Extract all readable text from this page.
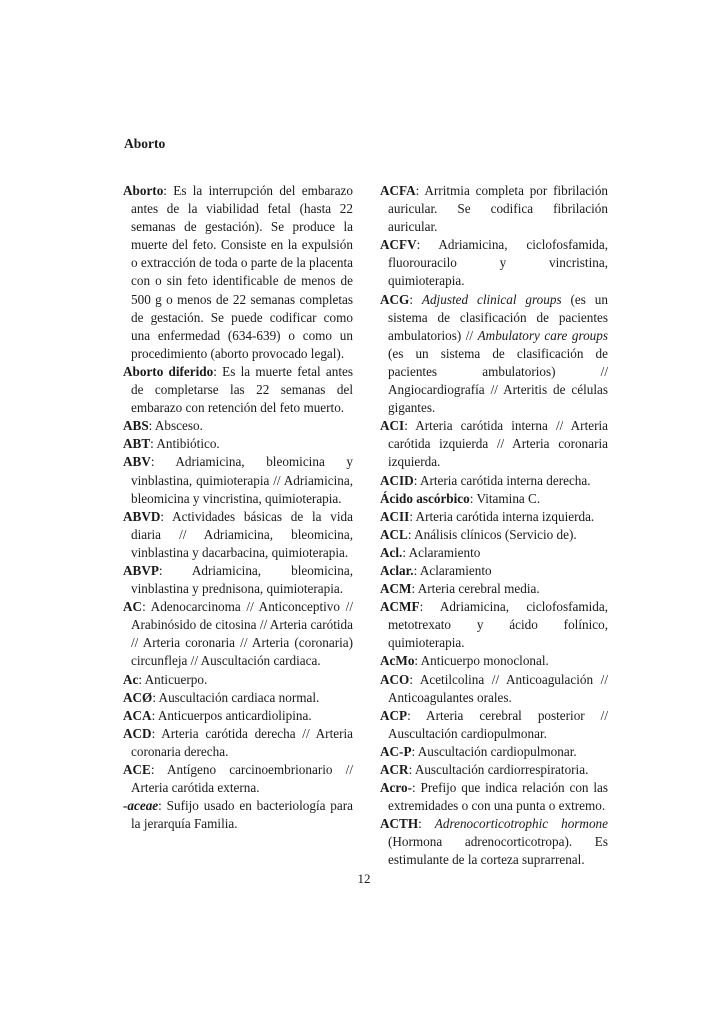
Aborto

Aborto: Es la interrupción del embarazo antes de la viabilidad fetal (hasta 22 semanas de gestación). Se produce la muerte del feto. Consiste en la expulsión o extracción de toda o parte de la placenta con o sin feto identificable de menos de 500 g o menos de 22 semanas completas de gestación. Se puede codificar como una enfermedad (634-639) o como un procedimiento (aborto provocado legal).

Aborto diferido: Es la muerte fetal antes de completarse las 22 semanas del embarazo con retención del feto muerto.

ABS: Absceso.

ABT: Antibiótico.

ABV: Adriamicina, bleomicina y vinblastina, quimioterapia // Adriamicina, bleomicina y vincristina, quimioterapia.

ABVD: Actividades básicas de la vida diaria // Adriamicina, bleomicina, vinblastina y dacarbacina, quimioterapia.

ABVP: Adriamicina, bleomicina, vinblastina y prednisona, quimioterapia.

AC: Adenocarcinoma // Anticonceptivo // Arabinósido de citosina // Arteria carótida // Arteria coronaria // Arteria (coronaria) circunfleja // Auscultación cardiaca.

Ac: Anticuerpo.

ACØ: Auscultación cardiaca normal.

ACA: Anticuerpos anticardiolipina.

ACD: Arteria carótida derecha // Arteria coronaria derecha.

ACE: Antígeno carcinoembrionario // Arteria carótida externa.

-aceae: Sufijo usado en bacteriología para la jerarquía Familia.

ACFA: Arritmia completa por fibrilación auricular. Se codifica fibrilación auricular.

ACFV: Adriamicina, ciclofosfamida, fluorouracilo y vincristina, quimioterapia.

ACG: Adjusted clinical groups (es un sistema de clasificación de pacientes ambulatorios) // Ambulatory care groups (es un sistema de clasificación de pacientes ambulatorios) // Angiocardiografía // Arteritis de células gigantes.

ACI: Arteria carótida interna // Arteria carótida izquierda // Arteria coronaria izquierda.

ACID: Arteria carótida interna derecha.

Ácido ascórbico: Vitamina C.

ACII: Arteria carótida interna izquierda.

ACL: Análisis clínicos (Servicio de).

Acl.: Aclaramiento

Aclar.: Aclaramiento

ACM: Arteria cerebral media.

ACMF: Adriamicina, ciclofosfamida, metotrexato y ácido folínico, quimioterapia.

AcMo: Anticuerpo monoclonal.

ACO: Acetilcolina // Anticoagulación // Anticoagulantes orales.

ACP: Arteria cerebral posterior // Auscultación cardiopulmonar.

AC-P: Auscultación cardiopulmonar.

ACR: Auscultación cardiorrespiratoria.

Acro-: Prefijo que indica relación con las extremidades o con una punta o extremo.

ACTH: Adrenocorticotrophic hormone (Hormona adrenocorticotropa). Es estimulante de la corteza suprarrenal.

12
